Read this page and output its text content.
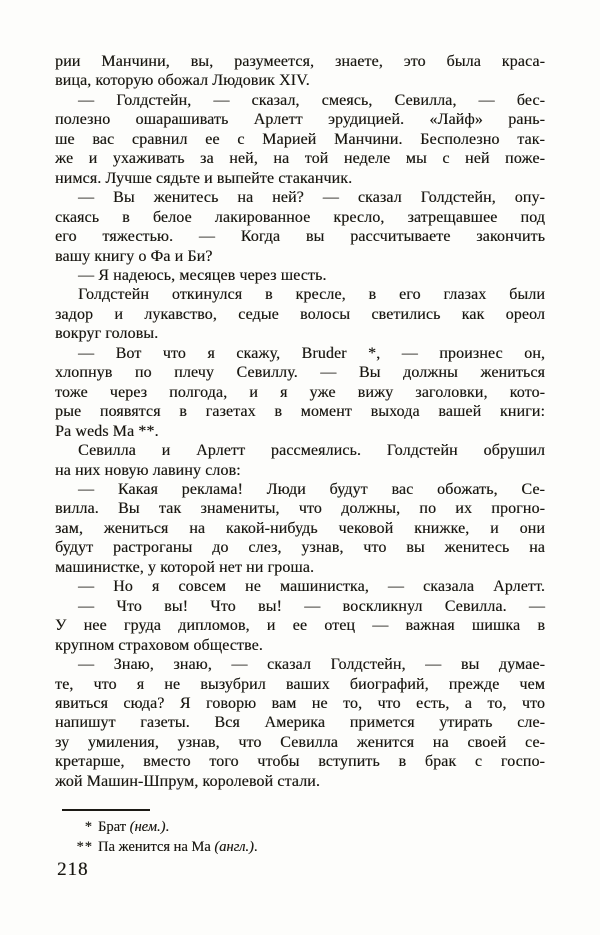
рии Манчини, вы, разумеется, знаете, это была краса-
вица, которую обожал Людовик XIV.
— Голдстейн, — сказал, смеясь, Севилла, — бес-
полезно ошарашивать Арлетт эрудицией. «Лайф» рань-
ше вас сравнил ее с Марией Манчини. Бесполезно так-
же и ухаживать за ней, на той неделе мы с ней поже-
нимся. Лучше сядьте и выпейте стаканчик.
— Вы женитесь на ней? — сказал Голдстейн, опу-
скаясь в белое лакированное кресло, затрещавшее под
его тяжестью. — Когда вы рассчитываете закончить
вашу книгу о Фа и Би?
— Я надеюсь, месяцев через шесть.
Голдстейн откинулся в кресле, в его глазах были
задор и лукавство, седые волосы светились как ореол
вокруг головы.
— Вот что я скажу, Bruder *, — произнес он,
хлопнув по плечу Севиллу. — Вы должны жениться
тоже через полгода, и я уже вижу заголовки, кото-
рые появятся в газетах в момент выхода вашей книги:
Pa weds Ma **.
Севилла и Арлетт рассмеялись. Голдстейн обрушил
на них новую лавину слов:
— Какая реклама! Люди будут вас обожать, Се-
вилла. Вы так знамениты, что должны, по их прогно-
зам, жениться на какой-нибудь чековой книжке, и они
будут растроганы до слез, узнав, что вы женитесь на
машинистке, у которой нет ни гроша.
— Но я совсем не машинистка, — сказала Арлетт.
— Что вы! Что вы! — воскликнул Севилла. —
У нее груда дипломов, и ее отец — важная шишка в
крупном страховом обществе.
— Знаю, знаю, — сказал Голдстейн, — вы думае-
те, что я не вызубрил ваших биографий, прежде чем
явиться сюда? Я говорю вам не то, что есть, а то, что
напишут газеты. Вся Америка примется утирать сле-
зу умиления, узнав, что Севилла женится на своей се-
кретарше, вместо того чтобы вступить в брак с госпо-
жой Машин-Шпрум, королевой стали.
* Брат (нем.).
** Па женится на Ма (англ.).
218
